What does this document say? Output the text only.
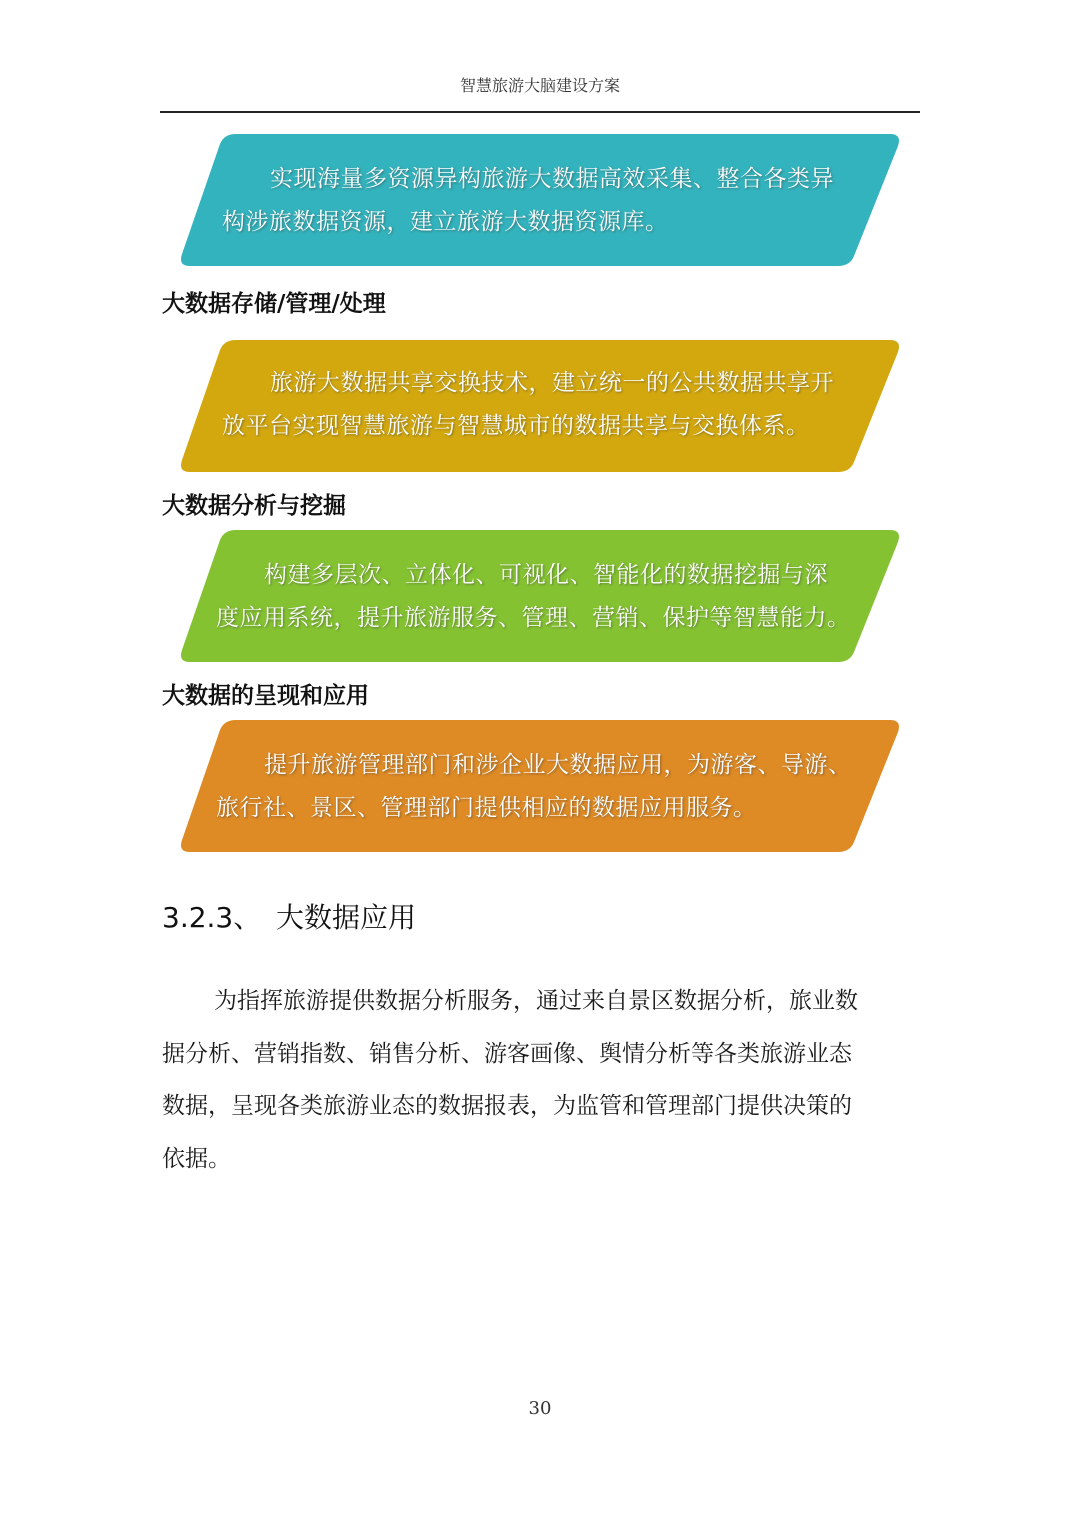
智慧旅游大脑建设方案
实现海量多资源异构旅游大数据高效采集、整合各类异
构涉旅数据资源，建立旅游大数据资源库。
大数据存储/管理/处理
旅游大数据共享交换技术，建立统一的公共数据共享开
放平台实现智慧旅游与智慧城市的数据共享与交换体系。
大数据分析与挖掘
构建多层次、立体化、可视化、智能化的数据挖掘与深
度应用系统，提升旅游服务、管理、营销、保护等智慧能力。
大数据的呈现和应用
提升旅游管理部门和涉企业大数据应用，为游客、导游、
旅行社、景区、管理部门提供相应的数据应用服务。
3.2.3、 大数据应用
为指挥旅游提供数据分析服务，通过来自景区数据分析，旅业数
据分析、营销指数、销售分析、游客画像、舆情分析等各类旅游业态
数据，呈现各类旅游业态的数据报表，为监管和管理部门提供决策的
依据。
30
